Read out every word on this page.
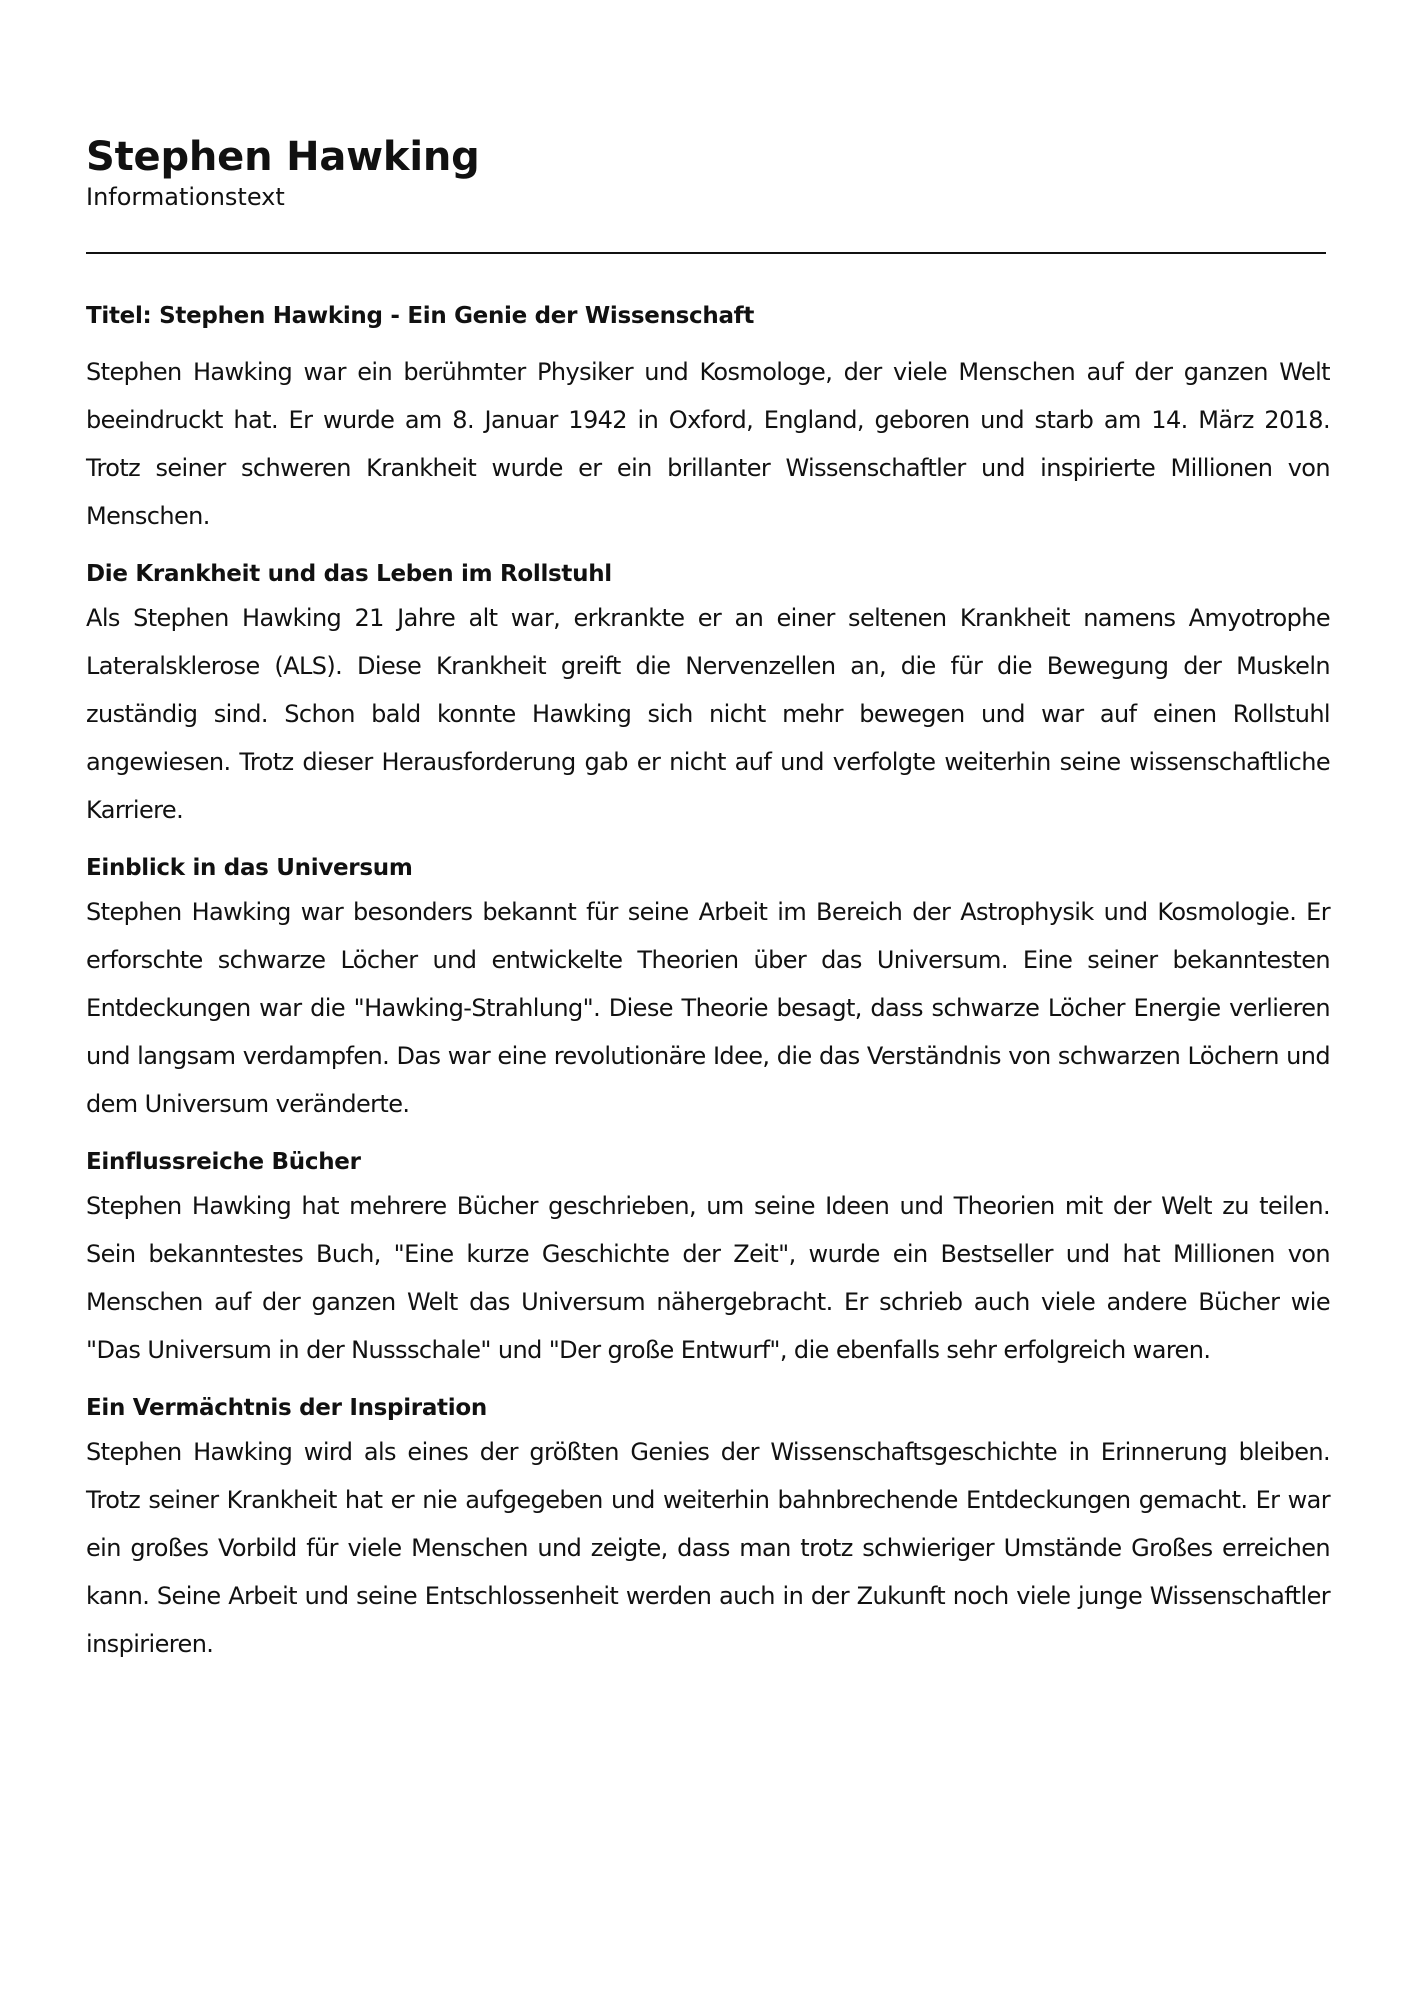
Stephen Hawking

Informationstext

Titel: Stephen Hawking - Ein Genie der Wissenschaft

Stephen Hawking war ein berühmter Physiker und Kosmologe, der viele Menschen auf der ganzen Welt beeindruckt hat. Er wurde am 8. Januar 1942 in Oxford, England, geboren und starb am 14. März 2018. Trotz seiner schweren Krankheit wurde er ein brillanter Wissenschaftler und inspirierte Millionen von Menschen.

Die Krankheit und das Leben im Rollstuhl

Als Stephen Hawking 21 Jahre alt war, erkrankte er an einer seltenen Krankheit namens Amyotrophe Lateralsklerose (ALS). Diese Krankheit greift die Nervenzellen an, die für die Bewegung der Muskeln zuständig sind. Schon bald konnte Hawking sich nicht mehr bewegen und war auf einen Rollstuhl angewiesen. Trotz dieser Herausforderung gab er nicht auf und verfolgte weiterhin seine wissenschaftliche Karriere.

Einblick in das Universum

Stephen Hawking war besonders bekannt für seine Arbeit im Bereich der Astrophysik und Kosmologie. Er erforschte schwarze Löcher und entwickelte Theorien über das Universum. Eine seiner bekanntesten Entdeckungen war die "Hawking-Strahlung". Diese Theorie besagt, dass schwarze Löcher Energie verlieren und langsam verdampfen. Das war eine revolutionäre Idee, die das Verständnis von schwarzen Löchern und dem Universum veränderte.

Einflussreiche Bücher

Stephen Hawking hat mehrere Bücher geschrieben, um seine Ideen und Theorien mit der Welt zu teilen. Sein bekanntestes Buch, "Eine kurze Geschichte der Zeit", wurde ein Bestseller und hat Millionen von Menschen auf der ganzen Welt das Universum nähergebracht. Er schrieb auch viele andere Bücher wie "Das Universum in der Nussschale" und "Der große Entwurf", die ebenfalls sehr erfolgreich waren.

Ein Vermächtnis der Inspiration

Stephen Hawking wird als eines der größten Genies der Wissenschaftsgeschichte in Erinnerung bleiben. Trotz seiner Krankheit hat er nie aufgegeben und weiterhin bahnbrechende Entdeckungen gemacht. Er war ein großes Vorbild für viele Menschen und zeigte, dass man trotz schwieriger Umstände Großes erreichen kann. Seine Arbeit und seine Entschlossenheit werden auch in der Zukunft noch viele junge Wissenschaftler inspirieren.
